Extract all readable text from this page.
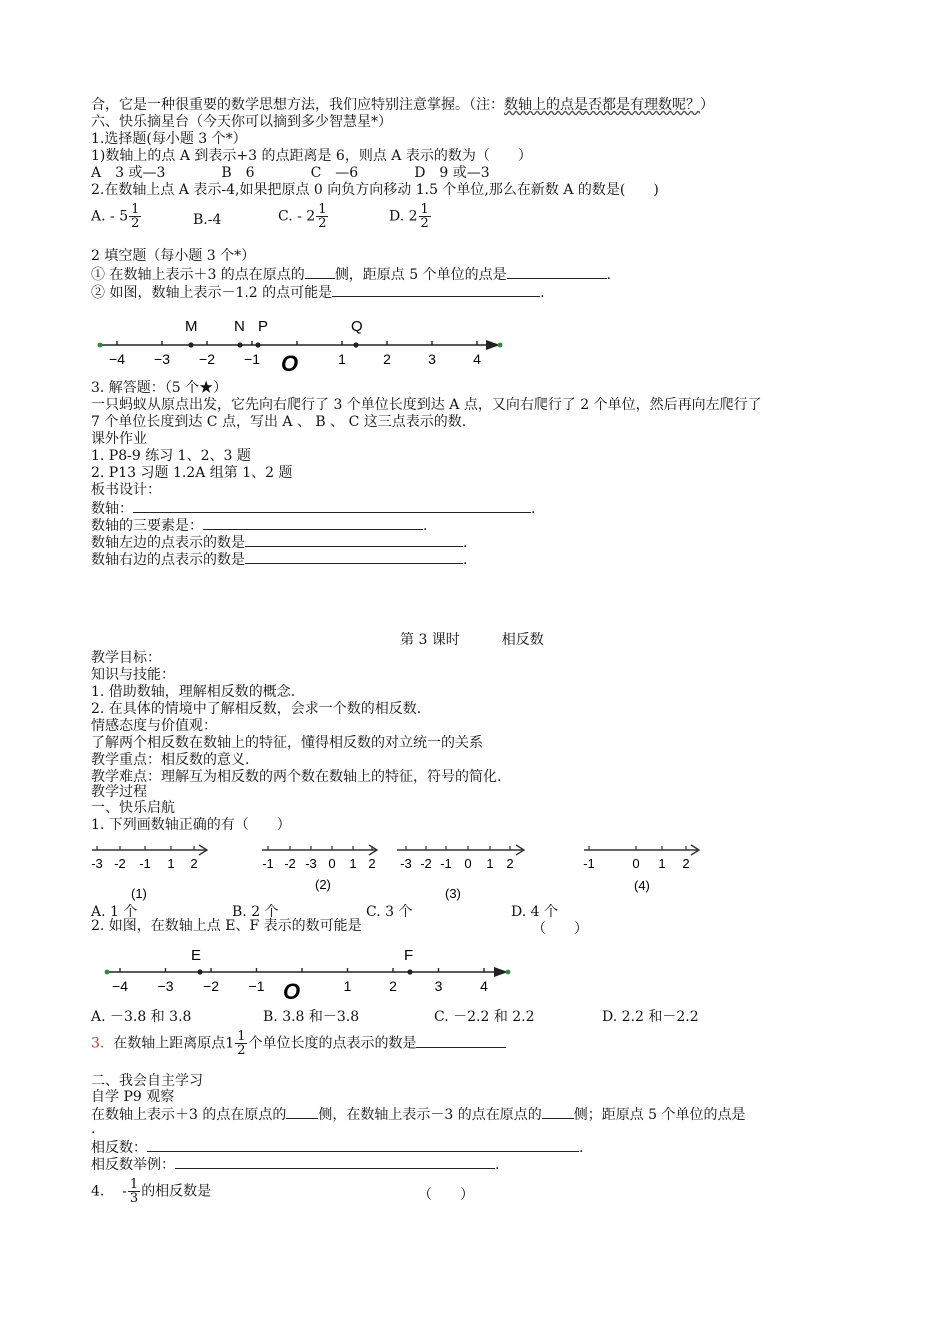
合，它是一种很重要的数学思想方法，我们应特别注意掌握。（注：数轴上的点是否都是有理数呢？）
六、快乐摘星台（今天你可以摘到多少智慧星*）
1.选择题(每小题 3 个*）
1)数轴上的点 A 到表示+3 的点距离是 6，则点 A 表示的数为（　　）
A　3 或—3　　　　B　6　　　　C　—6　　　　D　9 或—3
2.在数轴上点 A 表示-4,如果把原点 0 向负方向移动 1.5 个单位,那么在新数 A 的数是(　　)
A. - $5 \frac{1}{2}$	B.-4	C. - $2 \frac{1}{2}$	D. $2 \frac{1}{2}$
2 填空题（每小题 3 个*）
① 在数轴上表示＋3 的点在原点的 侧，距原点 5 个单位的点是	.
② 如图，数轴上表示－1.2 的点可能是	.
−4 −3 −2 −1	1	2	3	4
O
M N P	Q
3. 解答题：（5 个★）
一只蚂蚁从原点出发，它先向右爬行了 3 个单位长度到达 A 点，又向右爬行了 2 个单位，然后再向左爬行了
7 个单位长度到达 C 点，写出 A 、 B 、 C 这三点表示的数.
课外作业
1. P8-9 练习 1、2、3 题
2. P13 习题 1.2A 组第 1、2 题
板书设计：
数轴：	.
数轴的三要素是：	.
数轴左边的点表示的数是	.
数轴右边的点表示的数是	.
第 3 课时　　　相反数
教学目标：
知识与技能：
1. 借助数轴，理解相反数的概念.
2. 在具体的情境中了解相反数，会求一个数的相反数.
情感态度与价值观：
了解两个相反数在数轴上的特征，懂得相反数的对立统一的关系
教学重点：相反数的意义.
教学难点：理解互为相反数的两个数在数轴上的特征，符号的简化.
教学过程
一、快乐启航
1. 下列画数轴正确的有（　　）
-3 -2 -1 1 2
(1)
-1 -2 -3 0 1 2
(2)
-3 -2 -1 0 1 2
(3)
-1	0 1 2
(4)
A. 1 个	B. 2 个	C. 3 个	D. 4 个
2. 如图，在数轴上点 E、F 表示的数可能是	（　　）
−4 −3 −2 −1	1	2	3	4
O
E	F
A. －3.8 和 3.8	B. 3.8 和－3.8	C. －2.2 和 2.2	D. 2.2 和－2.2
3. 在数轴上距离原点$1 \frac{1}{2}$ 个单位长度的点表示的数是
二、我会自主学习
自学 P9 观察
在数轴上表示＋3 的点在原点的 侧，在数轴上表示－3 的点在原点的 侧；距原点 5 个单位的点是
.
相反数：	.
相反数举例：	.
4. - $\frac{1}{3}$ 的相反数是	（　　）
